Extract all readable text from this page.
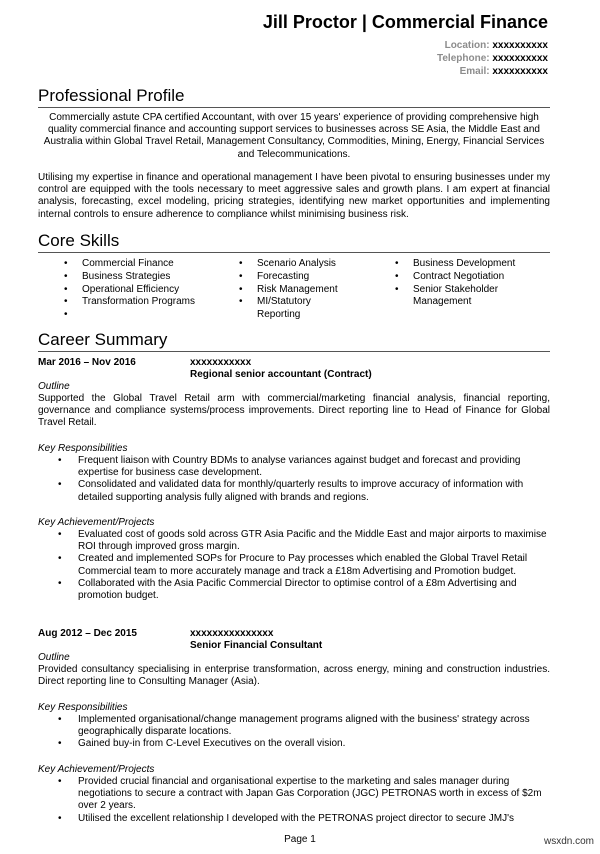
Jill Proctor | Commercial Finance
Location: xxxxxxxxxx
Telephone: xxxxxxxxxx
Email: xxxxxxxxxx
Professional Profile
Commercially astute CPA certified Accountant, with over 15 years' experience of providing comprehensive high quality commercial finance and accounting support services to businesses across SE Asia, the Middle East and Australia within Global Travel Retail, Management Consultancy, Commodities, Mining, Energy, Financial Services and Telecommunications.
Utilising my expertise in finance and operational management I have been pivotal to ensuring businesses under my control are equipped with the tools necessary to meet aggressive sales and growth plans. I am expert at financial analysis, forecasting, excel modeling, pricing strategies, identifying new market opportunities and implementing internal controls to ensure adherence to compliance whilst minimising business risk.
Core Skills
• Commercial Finance
• Business Strategies
• Operational Efficiency
• Transformation Programs
•
• Scenario Analysis
• Forecasting
• Risk Management
• MI/Statutory Reporting
• Business Development
• Contract Negotiation
• Senior Stakeholder Management
Career Summary
Mar 2016 – Nov 2016	xxxxxxxxxxx
Regional senior accountant (Contract)
Outline
Supported the Global Travel Retail arm with commercial/marketing financial analysis, financial reporting, governance and compliance systems/process improvements. Direct reporting line to Head of Finance for Global Travel Retail.
Key Responsibilities
• Frequent liaison with Country BDMs to analyse variances against budget and forecast and providing expertise for business case development.
• Consolidated and validated data for monthly/quarterly results to improve accuracy of information with detailed supporting analysis fully aligned with brands and regions.
Key Achievement/Projects
• Evaluated cost of goods sold across GTR Asia Pacific and the Middle East and major airports to maximise ROI through improved gross margin.
• Created and implemented SOPs for Procure to Pay processes which enabled the Global Travel Retail Commercial team to more accurately manage and track a £18m Advertising and Promotion budget.
• Collaborated with the Asia Pacific Commercial Director to optimise control of a £8m Advertising and promotion budget.
Aug 2012 – Dec 2015	xxxxxxxxxxxxxxx
Senior Financial Consultant
Outline
Provided consultancy specialising in enterprise transformation, across energy, mining and construction industries. Direct reporting line to Consulting Manager (Asia).
Key Responsibilities
• Implemented organisational/change management programs aligned with the business' strategy across geographically disparate locations.
• Gained buy-in from C-Level Executives on the overall vision.
Key Achievement/Projects
• Provided crucial financial and organisational expertise to the marketing and sales manager during negotiations to secure a contract with Japan Gas Corporation (JGC) PETRONAS worth in excess of $2m over 2 years.
• Utilised the excellent relationship I developed with the PETRONAS project director to secure JMJ's
Page 1	wsxdn.com
